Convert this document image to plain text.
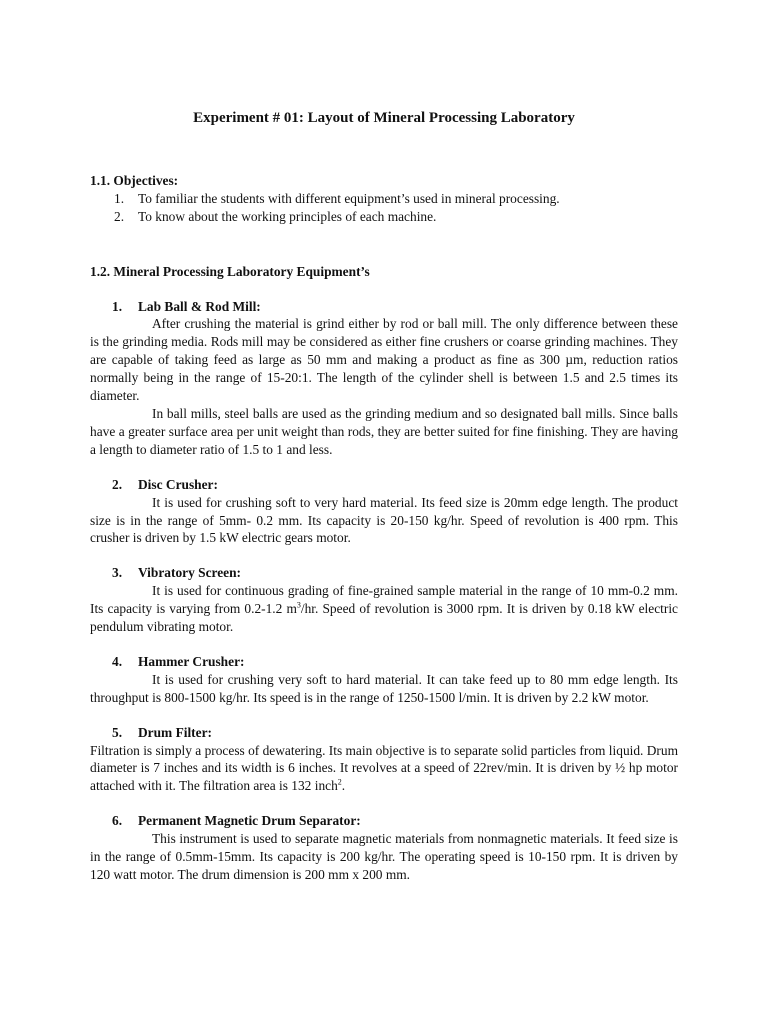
Experiment # 01: Layout of Mineral Processing Laboratory

1.1. Objectives:

1.	To familiar the students with different equipment’s used in mineral processing.
2.	To know about the working principles of each machine.

1.2. Mineral Processing Laboratory Equipment’s

1.	Lab Ball & Rod Mill:

After crushing the material is grind either by rod or ball mill. The only difference between these is the grinding media. Rods mill may be considered as either fine crushers or coarse grinding machines. They are capable of taking feed as large as 50 mm and making a product as fine as 300 µm, reduction ratios normally being in the range of 15-20:1. The length of the cylinder shell is between 1.5 and 2.5 times its diameter.

In ball mills, steel balls are used as the grinding medium and so designated ball mills. Since balls have a greater surface area per unit weight than rods, they are better suited for fine finishing. They are having a length to diameter ratio of 1.5 to 1 and less.

2.	Disc Crusher:

It is used for crushing soft to very hard material. Its feed size is 20mm edge length. The product size is in the range of 5mm- 0.2 mm. Its capacity is 20-150 kg/hr. Speed of revolution is 400 rpm. This crusher is driven by 1.5 kW electric gears motor.

3.	Vibratory Screen:

It is used for continuous grading of fine-grained sample material in the range of 10 mm-0.2 mm. Its capacity is varying from 0.2-1.2 $m^3/hr$. Speed of revolution is 3000 rpm. It is driven by 0.18 kW electric pendulum vibrating motor.

4.	Hammer Crusher:

It is used for crushing very soft to hard material. It can take feed up to 80 mm edge length. Its throughput is 800-1500 kg/hr. Its speed is in the range of 1250-1500 l/min. It is driven by 2.2 kW motor.

5.	Drum Filter:

Filtration is simply a process of dewatering. Its main objective is to separate solid particles from liquid. Drum diameter is 7 inches and its width is 6 inches. It revolves at a speed of 22rev/min. It is driven by ½ hp motor attached with it. The filtration area is 132 inch$^2$.

6.	Permanent Magnetic Drum Separator:

This instrument is used to separate magnetic materials from nonmagnetic materials. It feed size is in the range of 0.5mm-15mm. Its capacity is 200 kg/hr. The operating speed is 10-150 rpm. It is driven by 120 watt motor. The drum dimension is 200 mm x 200 mm.
